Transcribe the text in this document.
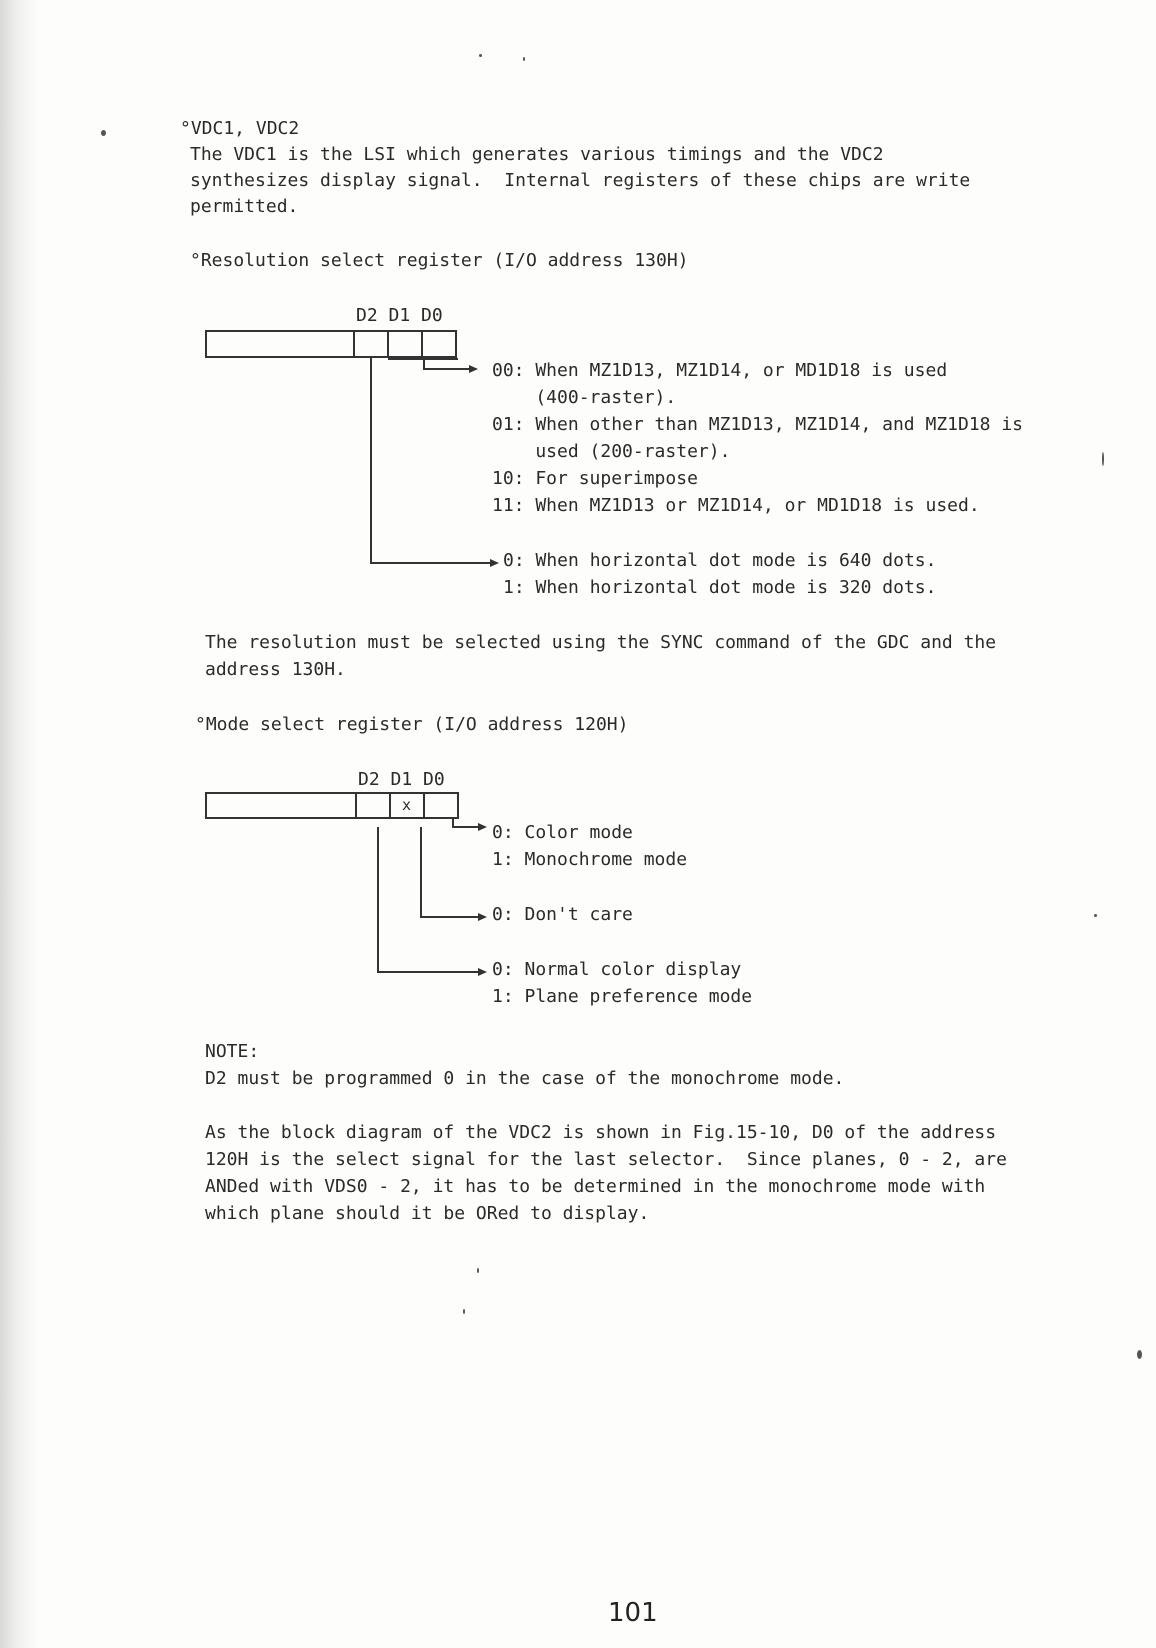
°VDC1, VDC2
The VDC1 is the LSI which generates various timings and the VDC2
synthesizes display signal.  Internal registers of these chips are write
permitted.
°Resolution select register (I/O address 130H)
D2 D1 D0
00: When MZ1D13, MZ1D14, or MD1D18 is used
(400-raster).
01: When other than MZ1D13, MZ1D14, and MZ1D18 is
used (200-raster).
10: For superimpose
11: When MZ1D13 or MZ1D14, or MD1D18 is used.
0: When horizontal dot mode is 640 dots.
1: When horizontal dot mode is 320 dots.
The resolution must be selected using the SYNC command of the GDC and the
address 130H.
°Mode select register (I/O address 120H)
D2 D1 D0
x
0: Color mode
1: Monochrome mode
0: Don't care
0: Normal color display
1: Plane preference mode
NOTE:
D2 must be programmed 0 in the case of the monochrome mode.
As the block diagram of the VDC2 is shown in Fig.15-10, D0 of the address
120H is the select signal for the last selector.  Since planes, 0 - 2, are
ANDed with VDS0 - 2, it has to be determined in the monochrome mode with
which plane should it be ORed to display.
101
